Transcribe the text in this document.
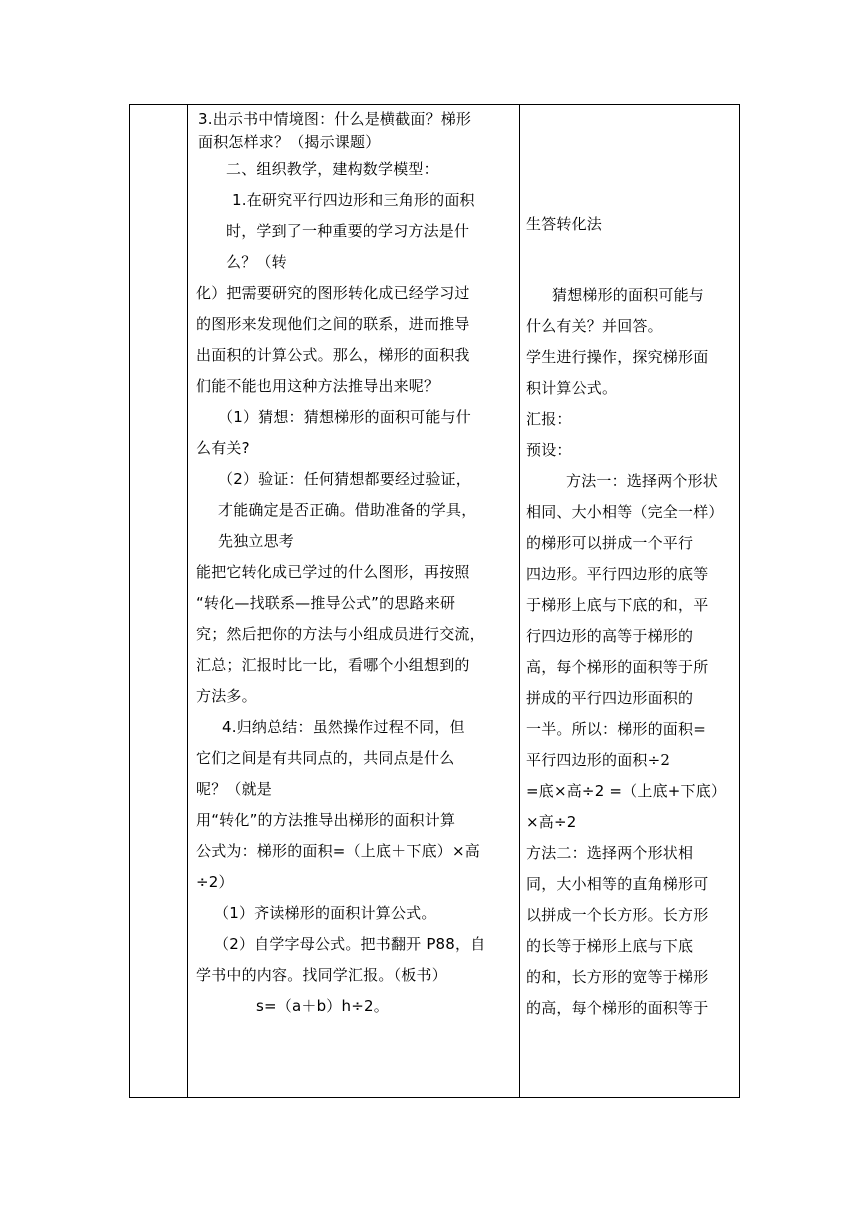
3.出示书中情境图：什么是横截面？梯形

面积怎样求？（揭示课题）

二、组织教学，建构数学模型：

1.在研究平行四边形和三角形的面积

时，学到了一种重要的学习方法是什

么？（转

化）把需要研究的图形转化成已经学习过

的图形来发现他们之间的联系，进而推导

出面积的计算公式。那么，梯形的面积我

们能不能也用这种方法推导出来呢？

（1）猜想：猜想梯形的面积可能与什

么有关?

（2）验证：任何猜想都要经过验证，

才能确定是否正确。借助准备的学具，

先独立思考

能把它转化成已学过的什么图形，再按照

“转化—找联系—推导公式”的思路来研

究；然后把你的方法与小组成员进行交流，

汇总；汇报时比一比，看哪个小组想到的

方法多。

4.归纳总结：虽然操作过程不同，但

它们之间是有共同点的，共同点是什么

呢？（就是

用“转化”的方法推导出梯形的面积计算

公式为：梯形的面积=（上底＋下底）×高

÷2）

（1）齐读梯形的面积计算公式。

（2）自学字母公式。把书翻开 P88，自

学书中的内容。找同学汇报。（板书）

s=（a＋b）h÷2。

生答转化法

猜想梯形的面积可能与

什么有关？并回答。

学生进行操作，探究梯形面

积计算公式。

汇报：

预设：

方法一：选择两个形状

相同、大小相等（完全一样）

的梯形可以拼成一个平行

四边形。平行四边形的底等

于梯形上底与下底的和，平

行四边形的高等于梯形的

高，每个梯形的面积等于所

拼成的平行四边形面积的

一半。所以：梯形的面积=

平行四边形的面积÷2

=底×高÷2 =（上底+下底）

×高÷2

方法二：选择两个形状相

同，大小相等的直角梯形可

以拼成一个长方形。长方形

的长等于梯形上底与下底

的和，长方形的宽等于梯形

的高，每个梯形的面积等于
